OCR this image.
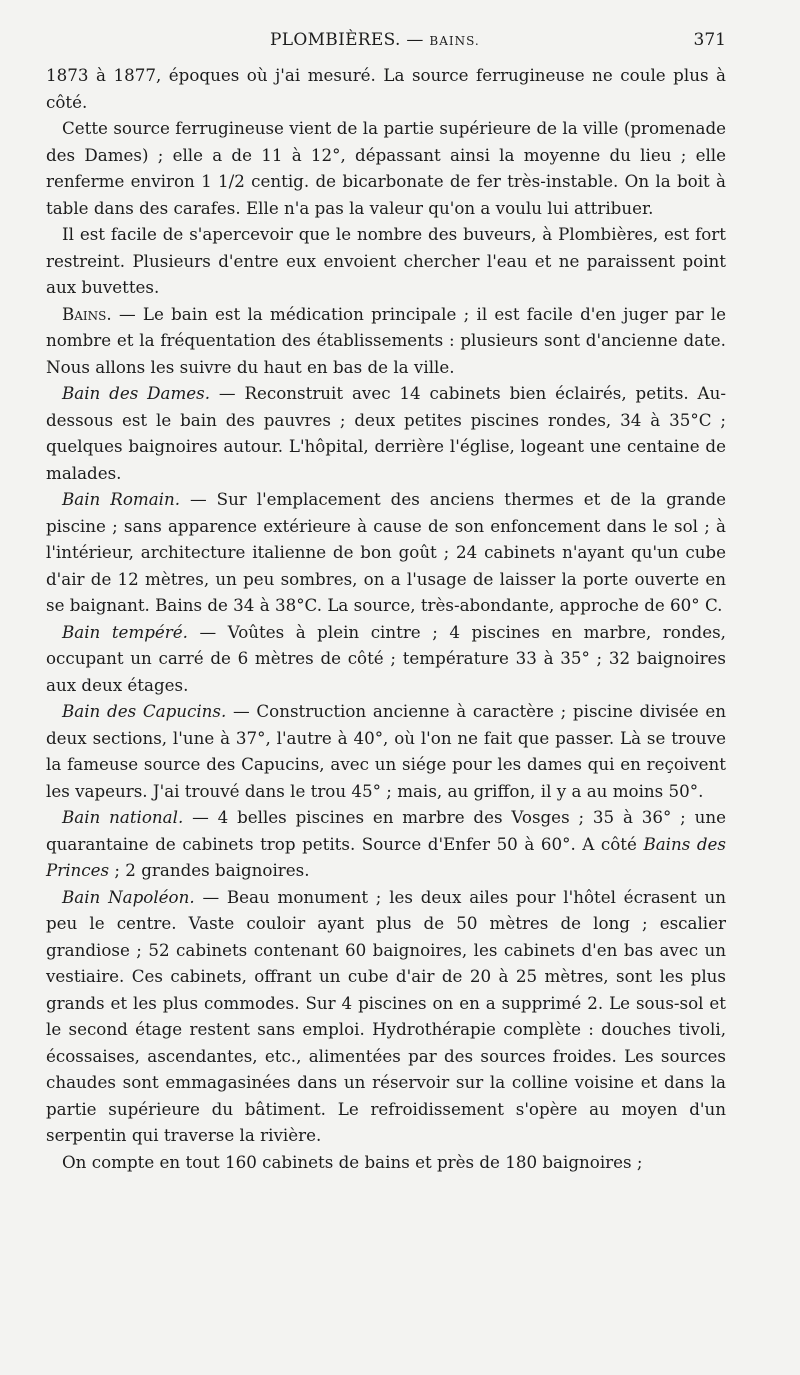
PLOMBIÈRES. — BAINS.	371

1873 à 1877, époques où j'ai mesuré. La source ferrugineuse ne coule plus à côté.

Cette source ferrugineuse vient de la partie supérieure de la ville (promenade des Dames) ; elle a de 11 à 12°, dépassant ainsi la moyenne du lieu ; elle renferme environ 1 1/2 centig. de bicarbonate de fer très-instable. On la boit à table dans des carafes. Elle n'a pas la valeur qu'on a voulu lui attribuer.

Il est facile de s'apercevoir que le nombre des buveurs, à Plombières, est fort restreint. Plusieurs d'entre eux envoient chercher l'eau et ne paraissent point aux buvettes.

Bains. — Le bain est la médication principale ; il est facile d'en juger par le nombre et la fréquentation des établissements : plusieurs sont d'ancienne date. Nous allons les suivre du haut en bas de la ville.

Bain des Dames. — Reconstruit avec 14 cabinets bien éclairés, petits. Au-dessous est le bain des pauvres ; deux petites piscines rondes, 34 à 35°C ; quelques baignoires autour. L'hôpital, derrière l'église, logeant une centaine de malades.

Bain Romain. — Sur l'emplacement des anciens thermes et de la grande piscine ; sans apparence extérieure à cause de son enfoncement dans le sol ; à l'intérieur, architecture italienne de bon goût ; 24 cabinets n'ayant qu'un cube d'air de 12 mètres, un peu sombres, on a l'usage de laisser la porte ouverte en se baignant. Bains de 34 à 38°C. La source, très-abondante, approche de 60° C.

Bain tempéré. — Voûtes à plein cintre ; 4 piscines en marbre, rondes, occupant un carré de 6 mètres de côté ; température 33 à 35° ; 32 baignoires aux deux étages.

Bain des Capucins. — Construction ancienne à caractère ; piscine divisée en deux sections, l'une à 37°, l'autre à 40°, où l'on ne fait que passer. Là se trouve la fameuse source des Capucins, avec un siége pour les dames qui en reçoivent les vapeurs. J'ai trouvé dans le trou 45° ; mais, au griffon, il y a au moins 50°.

Bain national. — 4 belles piscines en marbre des Vosges ; 35 à 36° ; une quarantaine de cabinets trop petits. Source d'Enfer 50 à 60°. A côté Bains des Princes ; 2 grandes baignoires.

Bain Napoléon. — Beau monument ; les deux ailes pour l'hôtel écrasent un peu le centre. Vaste couloir ayant plus de 50 mètres de long ; escalier grandiose ; 52 cabinets contenant 60 baignoires, les cabinets d'en bas avec un vestiaire. Ces cabinets, offrant un cube d'air de 20 à 25 mètres, sont les plus grands et les plus commodes. Sur 4 piscines on en a supprimé 2. Le sous-sol et le second étage restent sans emploi. Hydrothérapie complète : douches tivoli, écossaises, ascendantes, etc., alimentées par des sources froides. Les sources chaudes sont emmagasinées dans un réservoir sur la colline voisine et dans la partie supérieure du bâtiment. Le refroidissement s'opère au moyen d'un serpentin qui traverse la rivière.

On compte en tout 160 cabinets de bains et près de 180 baignoires ;
